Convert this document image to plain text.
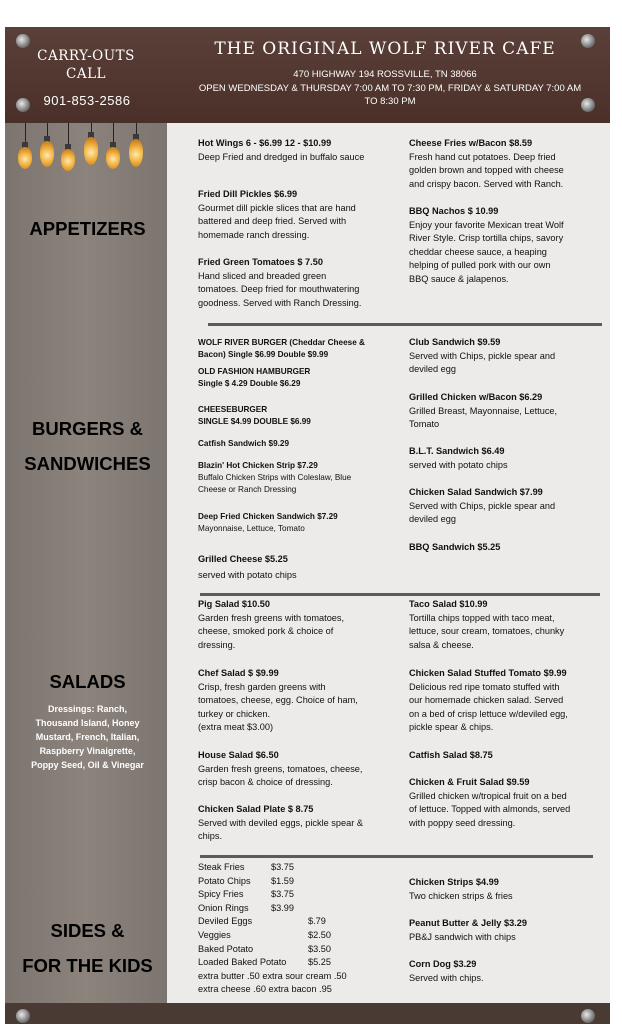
CARRY-OUTS
CALL
901-853-2586
THE ORIGINAL WOLF RIVER CAFE
470 HIGHWAY 194 ROSSVILLE, TN 38066
OPEN WEDNESDAY & THURSDAY 7:00 AM TO 7:30 PM, FRIDAY & SATURDAY 7:00 AM
TO 8:30 PM
APPETIZERS
BURGERS &
SANDWICHES
SALADS
Dressings: Ranch,
Thousand Island, Honey
Mustard, French, Italian,
Raspberry Vinaigrette,
Poppy Seed, Oil & Vinegar
SIDES &
FOR THE KIDS
Hot Wings 6 - $6.99 12 - $10.99
Deep Fried and dredged in buffalo sauce
Fried Dill Pickles $6.99
Gourmet dill pickle slices that are hand
battered and deep fried. Served with
homemade ranch dressing.
Fried Green Tomatoes $ 7.50
Hand sliced and breaded green
tomatoes. Deep fried for mouthwatering
goodness. Served with Ranch Dressing.
Cheese Fries w/Bacon $8.59
Fresh hand cut potatoes. Deep fried
golden brown and topped with cheese
and crispy bacon. Served with Ranch.
BBQ Nachos $ 10.99
Enjoy your favorite Mexican treat Wolf
River Style. Crisp tortilla chips, savory
cheddar cheese sauce, a heaping
helping of pulled pork with our own
BBQ sauce & jalapenos.
WOLF RIVER BURGER (Cheddar Cheese &
Bacon) Single $6.99 Double $9.99
OLD FASHION HAMBURGER
Single $ 4.29 Double $6.29
CHEESEBURGER
SINGLE $4.99 DOUBLE $6.99
Catfish Sandwich $9.29
Blazin' Hot Chicken Strip $7.29
Buffalo Chicken Strips with Coleslaw, Blue
Cheese or Ranch Dressing
Deep Fried Chicken Sandwich $7.29
Mayonnaise, Lettuce, Tomato
Grilled Cheese $5.25
served with potato chips
Club Sandwich $9.59
Served with Chips, pickle spear and
deviled egg
Grilled Chicken w/Bacon $6.29
Grilled Breast, Mayonnaise, Lettuce,
Tomato
B.L.T. Sandwich $6.49
served with potato chips
Chicken Salad Sandwich $7.99
Served with Chips, pickle spear and
deviled egg
BBQ Sandwich $5.25
Pig Salad $10.50
Garden fresh greens with tomatoes,
cheese, smoked pork & choice of
dressing.
Chef Salad $ $9.99
Crisp, fresh garden greens with
tomatoes, cheese, egg. Choice of ham,
turkey or chicken.
(extra meat $3.00)
House Salad $6.50
Garden fresh greens, tomatoes, cheese,
crisp bacon & choice of dressing.
Chicken Salad Plate $ 8.75
Served with deviled eggs, pickle spear &
chips.
Taco Salad $10.99
Tortilla chips topped with taco meat,
lettuce, sour cream, tomatoes, chunky
salsa & cheese.
Chicken Salad Stuffed Tomato $9.99
Delicious red ripe tomato stuffed with
our homemade chicken salad. Served
on a bed of crisp lettuce w/deviled egg,
pickle spear & chips.
Catfish Salad $8.75
Chicken & Fruit Salad $9.59
Grilled chicken w/tropical fruit on a bed
of lettuce. Topped with almonds, served
with poppy seed dressing.
Steak Fries	$3.75
Potato Chips $1.59
Spicy Fries	$3.75
Onion Rings $3.99
Deviled Eggs	$.79
Veggies	$2.50
Baked Potato	$3.50
Loaded Baked Potato $5.25
extra butter .50 extra sour cream .50
extra cheese .60 extra bacon .95
Chicken Strips $4.99
Two chicken strips & fries
Peanut Butter & Jelly $3.29
PB&J sandwich with chips
Corn Dog $3.29
Served with chips.
